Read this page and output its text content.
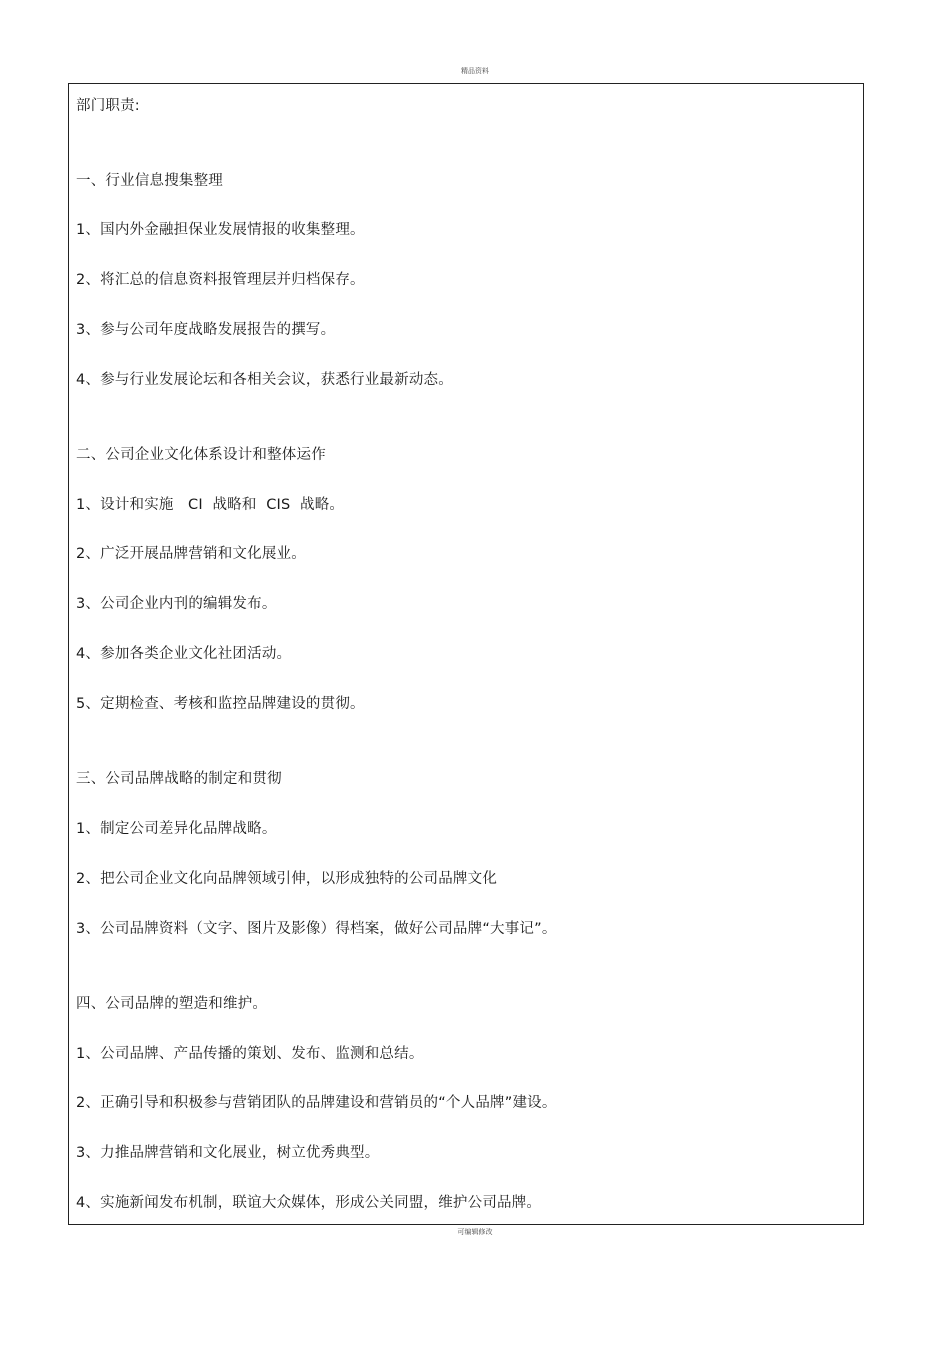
精品资料
部门职责:
一、行业信息搜集整理
1、国内外金融担保业发展情报的收集整理。
2、将汇总的信息资料报管理层并归档保存。
3、参与公司年度战略发展报告的撰写。
4、参与行业发展论坛和各相关会议，获悉行业最新动态。
二、公司企业文化体系设计和整体运作
1、设计和实施   CI  战略和  CIS  战略。
2、广泛开展品牌营销和文化展业。
3、公司企业内刊的编辑发布。
4、参加各类企业文化社团活动。
5、定期检查、考核和监控品牌建设的贯彻。
三、公司品牌战略的制定和贯彻
1、制定公司差异化品牌战略。
2、把公司企业文化向品牌领域引伸，以形成独特的公司品牌文化
3、公司品牌资料（文字、图片及影像）得档案，做好公司品牌“大事记”。
四、公司品牌的塑造和维护。
1、公司品牌、产品传播的策划、发布、监测和总结。
2、正确引导和积极参与营销团队的品牌建设和营销员的“个人品牌”建设。
3、力推品牌营销和文化展业，树立优秀典型。
4、实施新闻发布机制，联谊大众媒体，形成公关同盟，维护公司品牌。
可编辑修改
